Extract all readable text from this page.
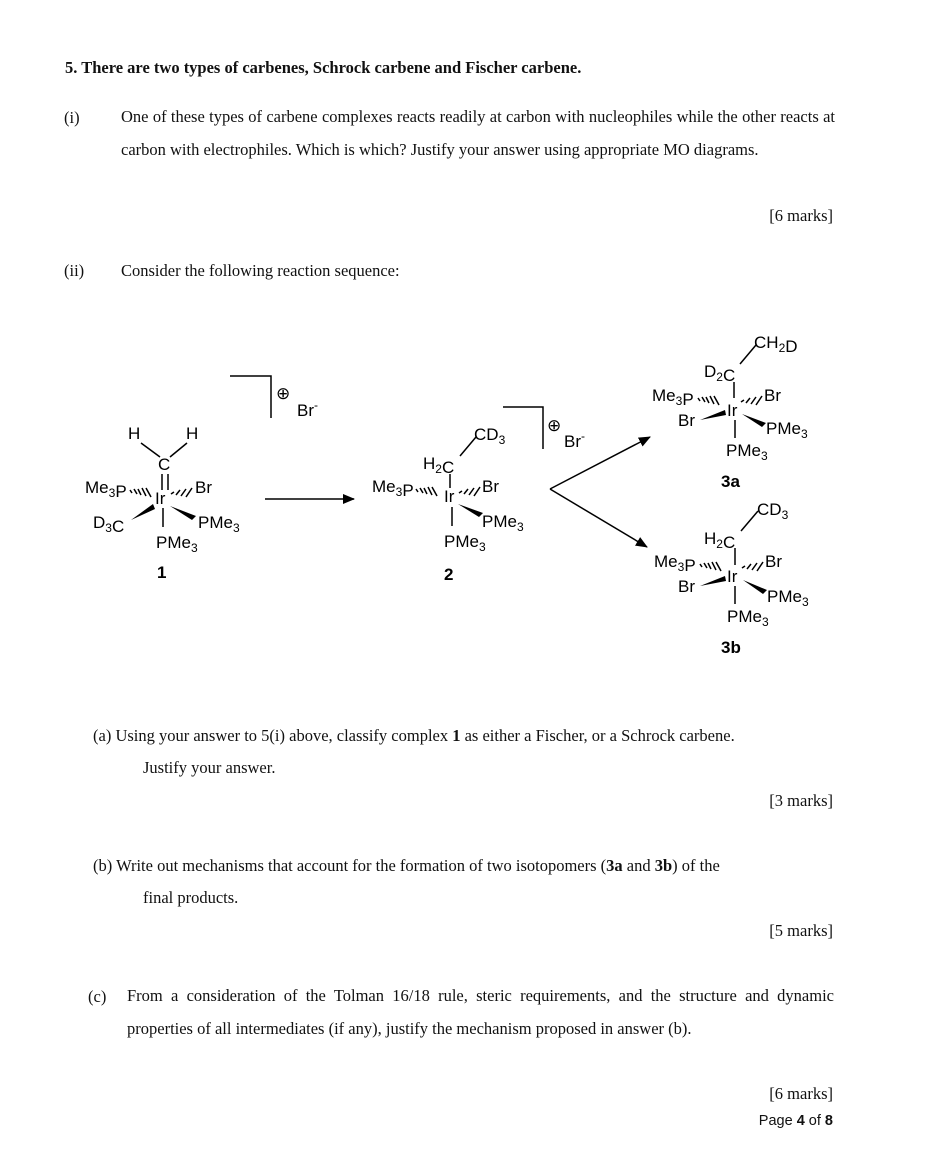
5. There are two types of carbenes, Schrock carbene and Fischer carbene.
(i)	One of these types of carbene complexes reacts readily at carbon with nucleophiles while the other reacts at carbon with electrophiles. Which is which? Justify your answer using appropriate MO diagrams.
[6 marks]
(ii) Consider the following reaction sequence:
H	H
C
Ir
$Me_3P$	Br
$D_3C$	PMe$_3$
PMe$_3$
1
⊕
Br-
$CD_3$
$H_2C$
Ir
$Me_3P$	Br
PMe$_3$
PMe$_3$
2
⊕
Br-
$CH_2D$
$D_2C$
Ir
$Me_3P$	Br
Br	PMe$_3$
PMe$_3$
3a
$CD_3$
$H_2C$
Ir
$Me_3P$	Br
Br
PMe$_3$
PMe$_3$
3b
(a) Using your answer to 5(i) above, classify complex 1 as either a Fischer, or a Schrock carbene.
Justify your answer.
[3 marks]
(b) Write out mechanisms that account for the formation of two isotopomers (3a and 3b) of the
final products.
[5 marks]
(c) From a consideration of the Tolman 16/18 rule, steric requirements, and the structure and dynamic properties of all intermediates (if any), justify the mechanism proposed in answer (b).
[6 marks]
Page 4 of 8
